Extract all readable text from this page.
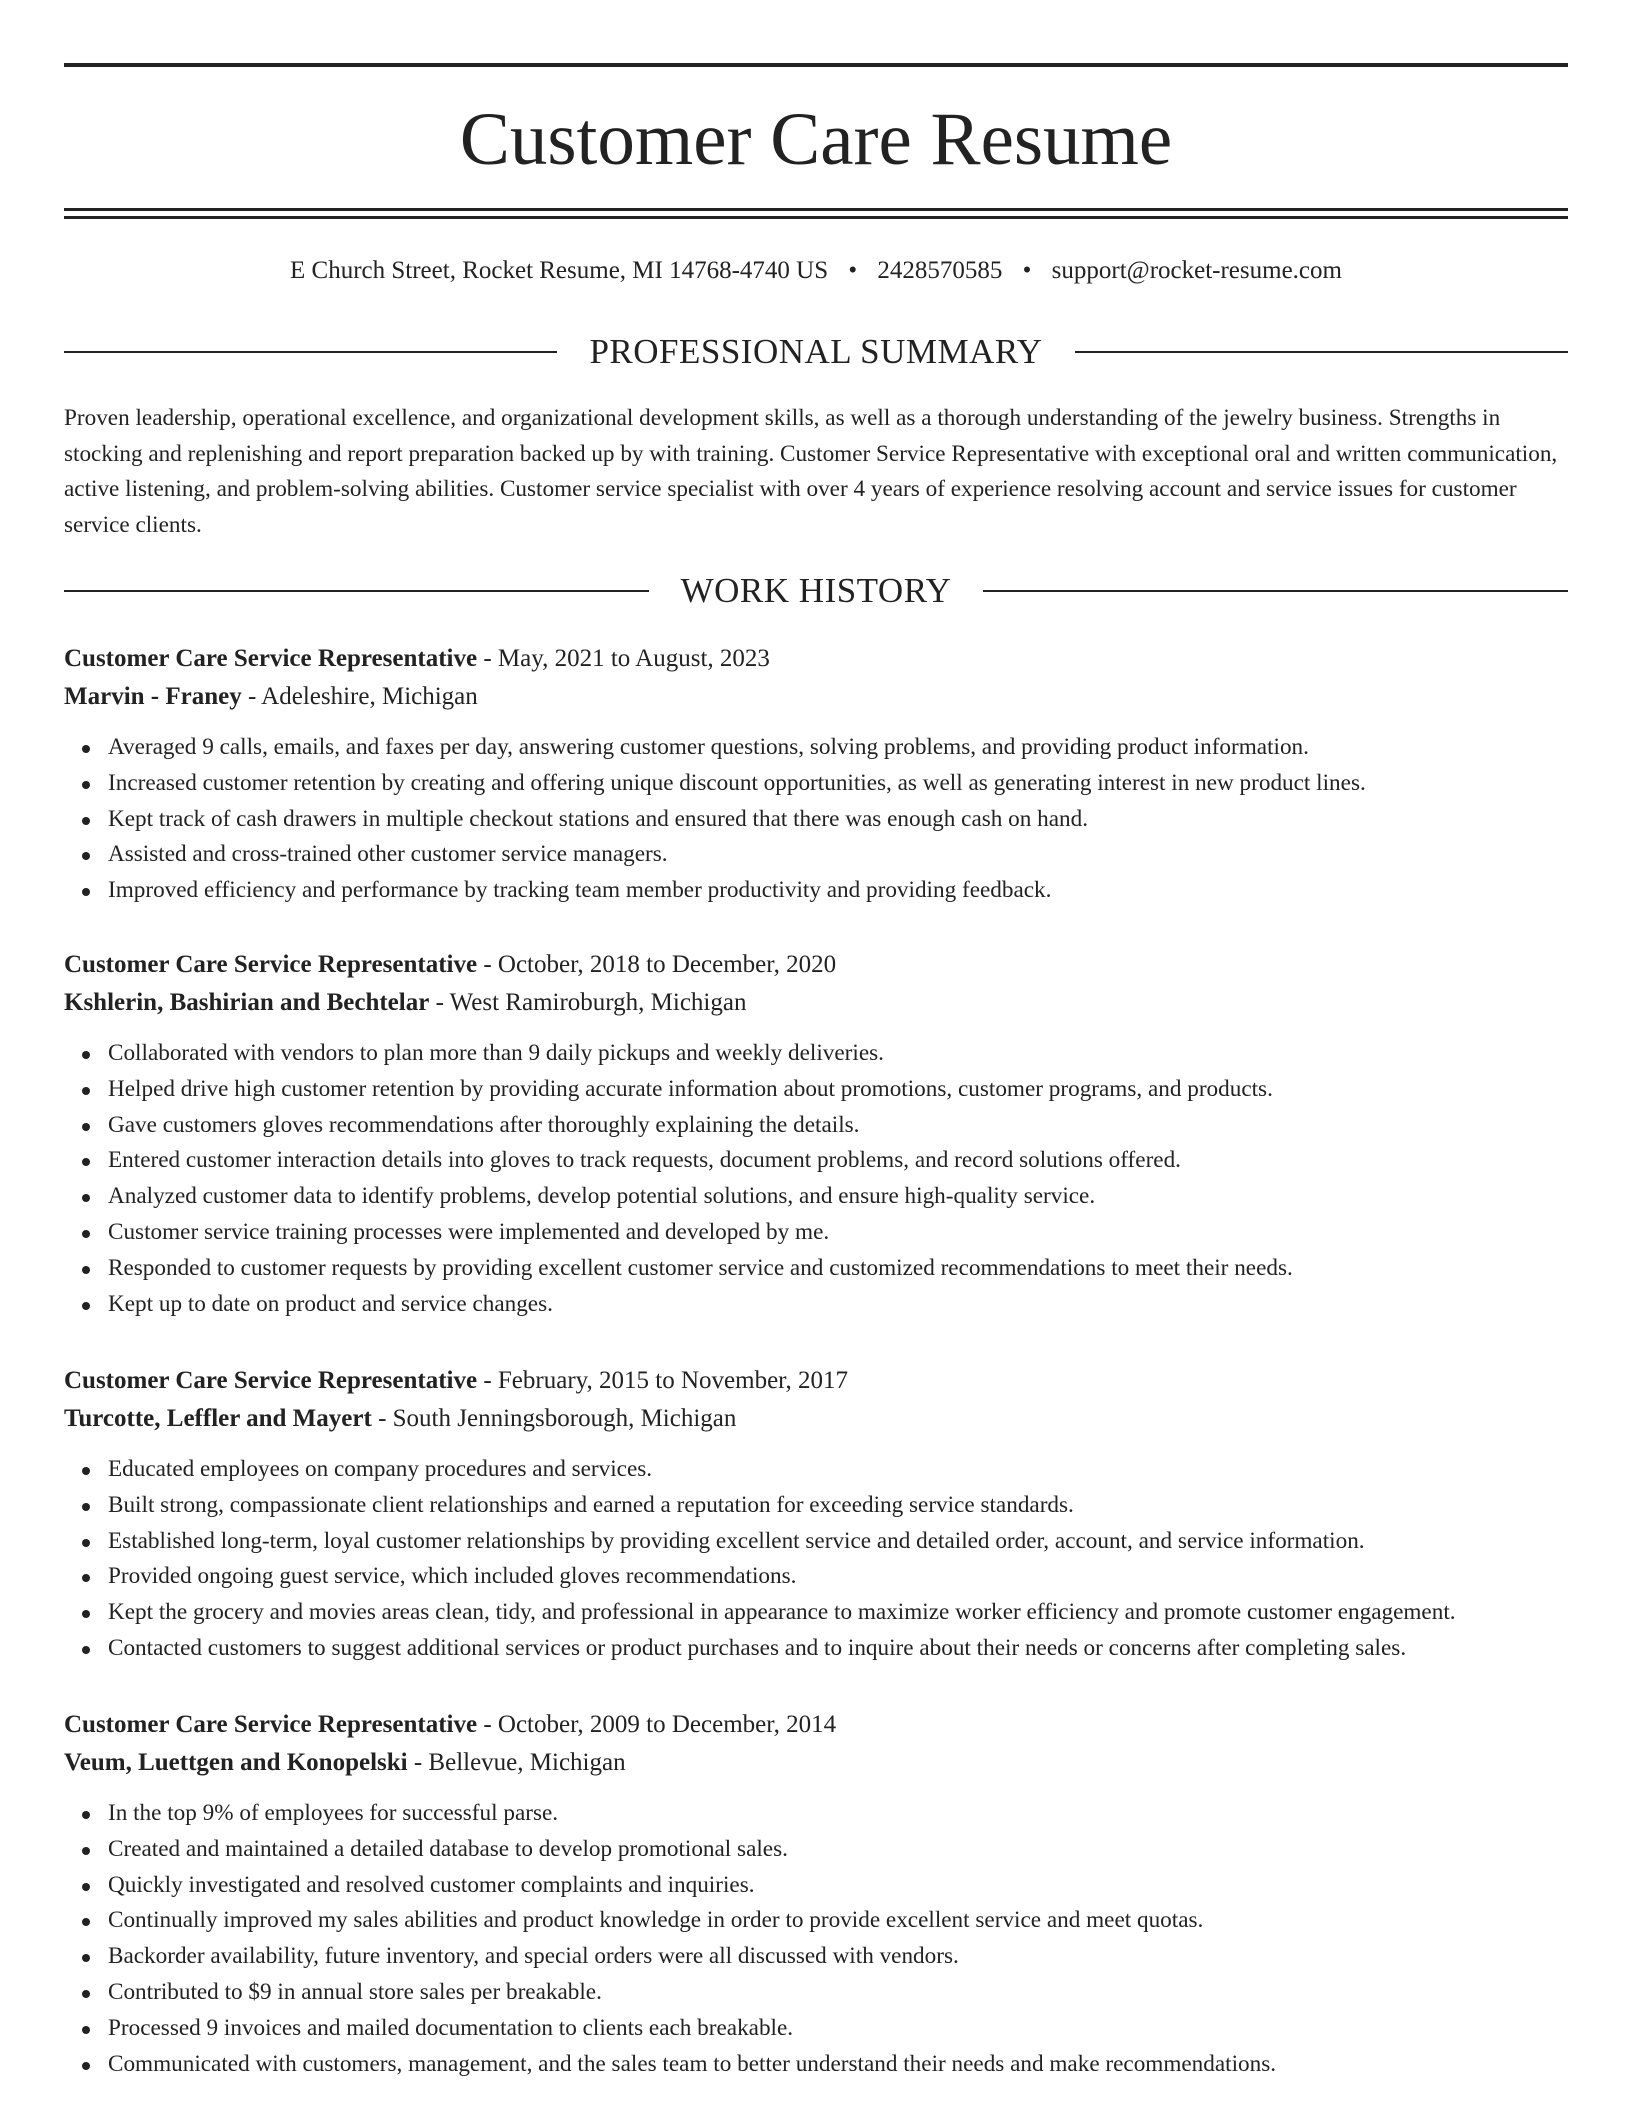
Customer Care Resume
E Church Street, Rocket Resume, MI 14768-4740 US • 2428570585 • support@rocket-resume.com
PROFESSIONAL SUMMARY

Proven leadership, operational excellence, and organizational development skills, as well as a thorough understanding of the jewelry business. Strengths in stocking and replenishing and report preparation backed up by with training. Customer Service Representative with exceptional oral and written communication, active listening, and problem-solving abilities. Customer service specialist with over 4 years of experience resolving account and service issues for customer service clients.

WORK HISTORY

Customer Care Service Representative - May, 2021 to August, 2023

Marvin - Franey - Adeleshire, Michigan

Averaged 9 calls, emails, and faxes per day, answering customer questions, solving problems, and providing product information.
Increased customer retention by creating and offering unique discount opportunities, as well as generating interest in new product lines.
Kept track of cash drawers in multiple checkout stations and ensured that there was enough cash on hand.
Assisted and cross-trained other customer service managers.
Improved efficiency and performance by tracking team member productivity and providing feedback.

Customer Care Service Representative - October, 2018 to December, 2020

Kshlerin, Bashirian and Bechtelar - West Ramiroburgh, Michigan

Collaborated with vendors to plan more than 9 daily pickups and weekly deliveries.
Helped drive high customer retention by providing accurate information about promotions, customer programs, and products.
Gave customers gloves recommendations after thoroughly explaining the details.
Entered customer interaction details into gloves to track requests, document problems, and record solutions offered.
Analyzed customer data to identify problems, develop potential solutions, and ensure high-quality service.
Customer service training processes were implemented and developed by me.
Responded to customer requests by providing excellent customer service and customized recommendations to meet their needs.
Kept up to date on product and service changes.

Customer Care Service Representative - February, 2015 to November, 2017

Turcotte, Leffler and Mayert - South Jenningsborough, Michigan

Educated employees on company procedures and services.
Built strong, compassionate client relationships and earned a reputation for exceeding service standards.
Established long-term, loyal customer relationships by providing excellent service and detailed order, account, and service information.
Provided ongoing guest service, which included gloves recommendations.
Kept the grocery and movies areas clean, tidy, and professional in appearance to maximize worker efficiency and promote customer engagement.
Contacted customers to suggest additional services or product purchases and to inquire about their needs or concerns after completing sales.

Customer Care Service Representative - October, 2009 to December, 2014

Veum, Luettgen and Konopelski - Bellevue, Michigan

In the top 9% of employees for successful parse.
Created and maintained a detailed database to develop promotional sales.
Quickly investigated and resolved customer complaints and inquiries.
Continually improved my sales abilities and product knowledge in order to provide excellent service and meet quotas.
Backorder availability, future inventory, and special orders were all discussed with vendors.
Contributed to $9 in annual store sales per breakable.
Processed 9 invoices and mailed documentation to clients each breakable.
Communicated with customers, management, and the sales team to better understand their needs and make recommendations.
